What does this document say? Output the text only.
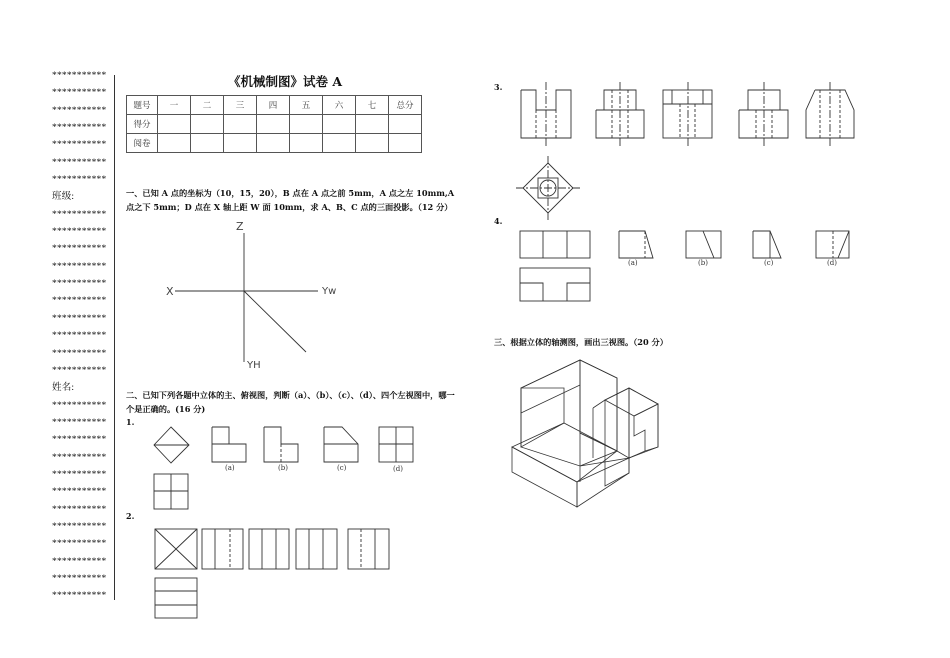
***********
***********
***********
***********
***********
***********
***********
班级:
***********
***********
***********
***********
***********
***********
***********
***********
***********
***********
姓名:
***********
***********
***********
***********
***********
***********
***********
***********
***********
***********
***********
***********
《机械制图》试卷 A
题号	一	二	三	四	五	六	七	总分
得分								
阅卷								
一、已知 A 点的坐标为（10，15，20），B 点在 A 点之前 5mm，A 点之左 10mm,A 点之下 5mm；D 点在 X 轴上距 W 面 10mm，求 A、B、C 点的三面投影。（12 分）
二、已知下列各题中立体的主、俯视图，判断（a）、（b）、（c）、（d）、四个左视图中，哪一个是正确的。(16 分)
1.
2.
3.
4.
三、根据立体的轴测图，画出三视图。（20 分）
Z
X	Yw
YH
(a)	(b)	(c)	(d)
(a)	(b)	(c)	(d)
